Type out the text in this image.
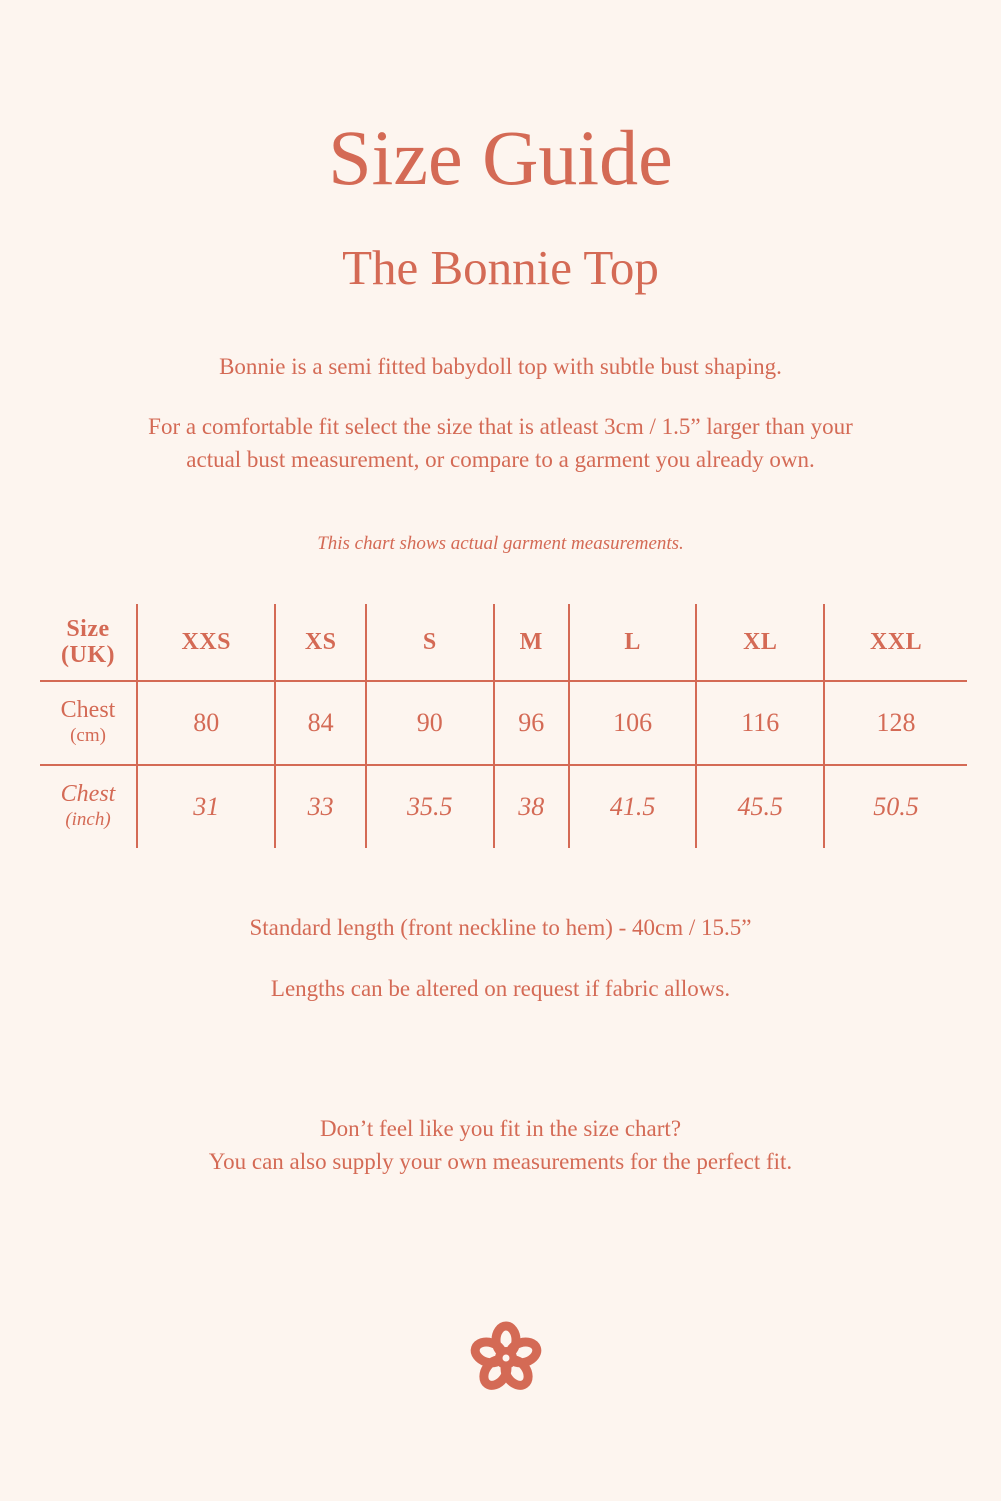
Size Guide
The Bonnie Top

Bonnie is a semi fitted babydoll top with subtle bust shaping.

For a comfortable fit select the size that is atleast 3cm / 1.5” larger than your

actual bust measurement, or compare to a garment you already own.

This chart shows actual garment measurements.

Size
(UK)	XXS	XS	S	M	L	XL	XXL

Chest
(cm)	80	84	90	96	106	116	128

Chest
(inch)	31	33	35.5	38	41.5	45.5	50.5

Standard length (front neckline to hem) - 40cm / 15.5”

Lengths can be altered on request if fabric allows.

Don’t feel like you fit in the size chart?

You can also supply your own measurements for the perfect fit.
